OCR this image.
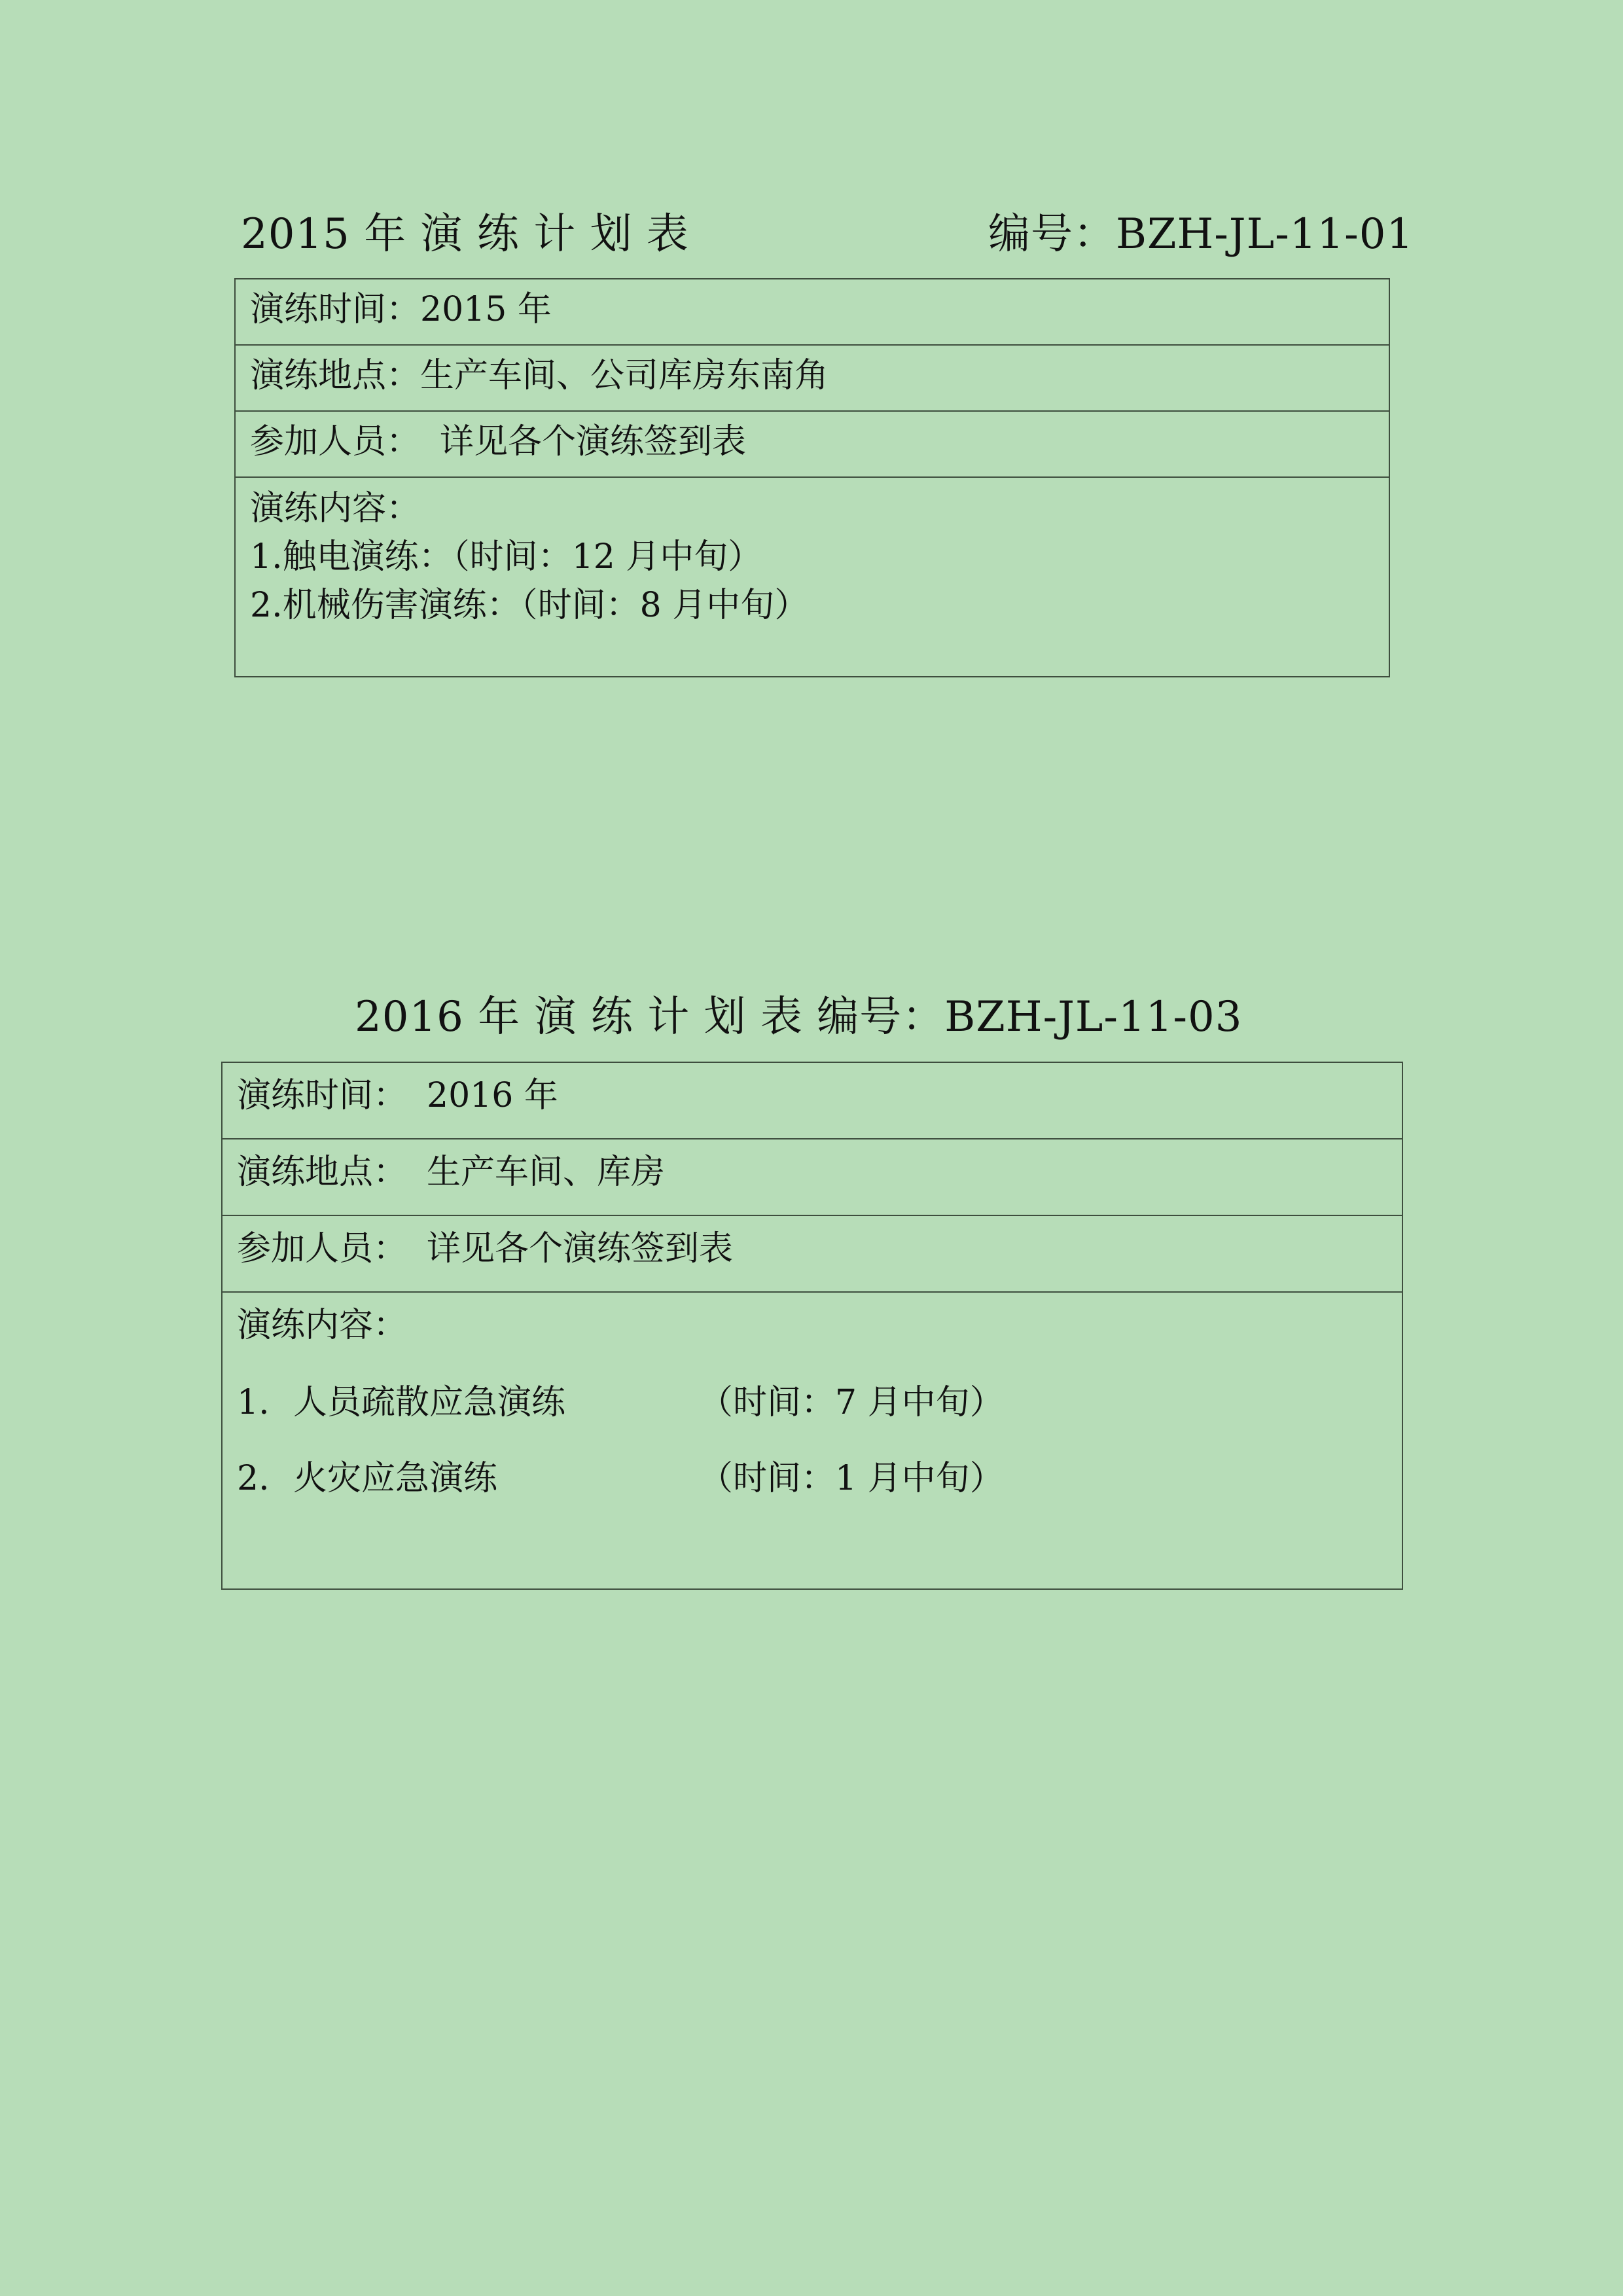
2015 年 演 练 计 划 表	编号：BZH-JL-11-01
演练时间：2015 年
演练地点：生产车间、公司库房东南角
参加人员： 详见各个演练签到表

演练内容：
1.触电演练：（时间：12 月中旬）
2.机械伤害演练：（时间：8 月中旬）
2016 年 演 练 计 划 表 编号：BZH-JL-11-03
演练时间： 2016 年
演练地点： 生产车间、库房
参加人员： 详见各个演练签到表

演练内容：
1. 人员疏散应急演练	（时间：7 月中旬）
2. 火灾应急演练	（时间：1 月中旬）
